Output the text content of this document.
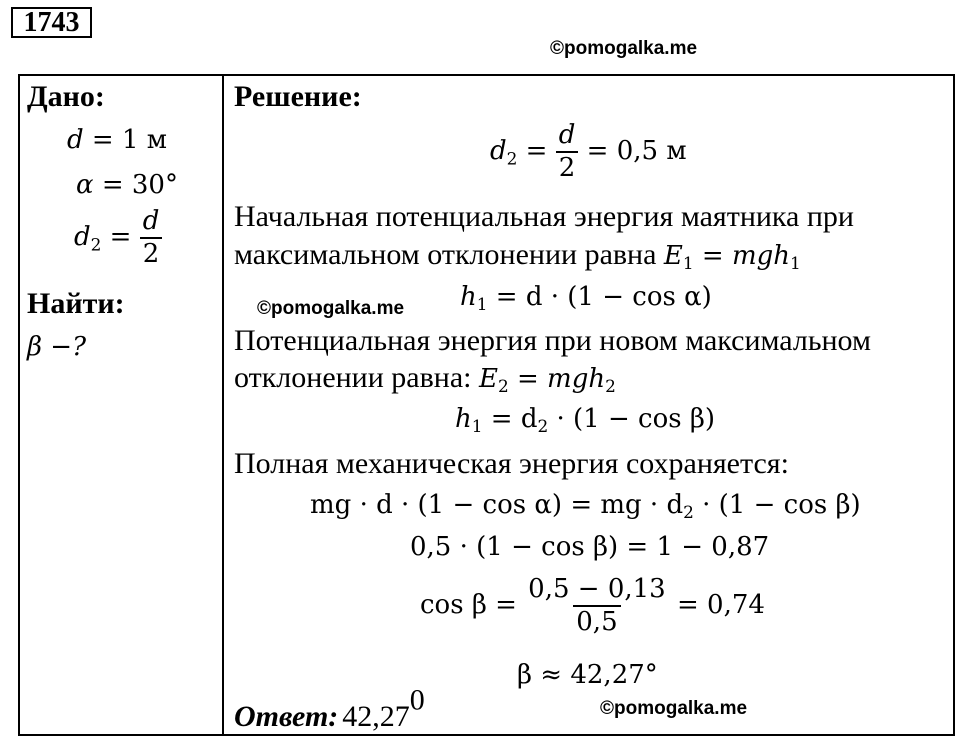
1743
©pomogalka.me
Дано:
d = 1 м
α = 30°
$d_2 = \frac{d}{2}$
Найти:	©pomogalka.me
β −?
Решение:
$d_2 = \frac{d}{2} = 0,5$ м
Начальная потенциальная энергия маятника при
максимальном отклонении равна $E_1 = mgh_1$
$h_1 = d \cdot (1 - \cos \alpha)$
Потенциальная энергия при новом максимальном
отклонении равна: $E_2 = mgh_2$
$h_1 = d_2 \cdot (1 - \cos \beta)$
Полная механическая энергия сохраняется:
mg · d · (1 − cos α) = mg · $d_2 \cdot (1 - \cos \beta)$
0,5 · (1 − cos β) = 1 − 0,87
$\cos \beta = \frac{0,5 - 0,13}{0,5} = 0,74$
β ≈ 42,27°
Ответ: 42,27$^0$	©pomogalka.me
